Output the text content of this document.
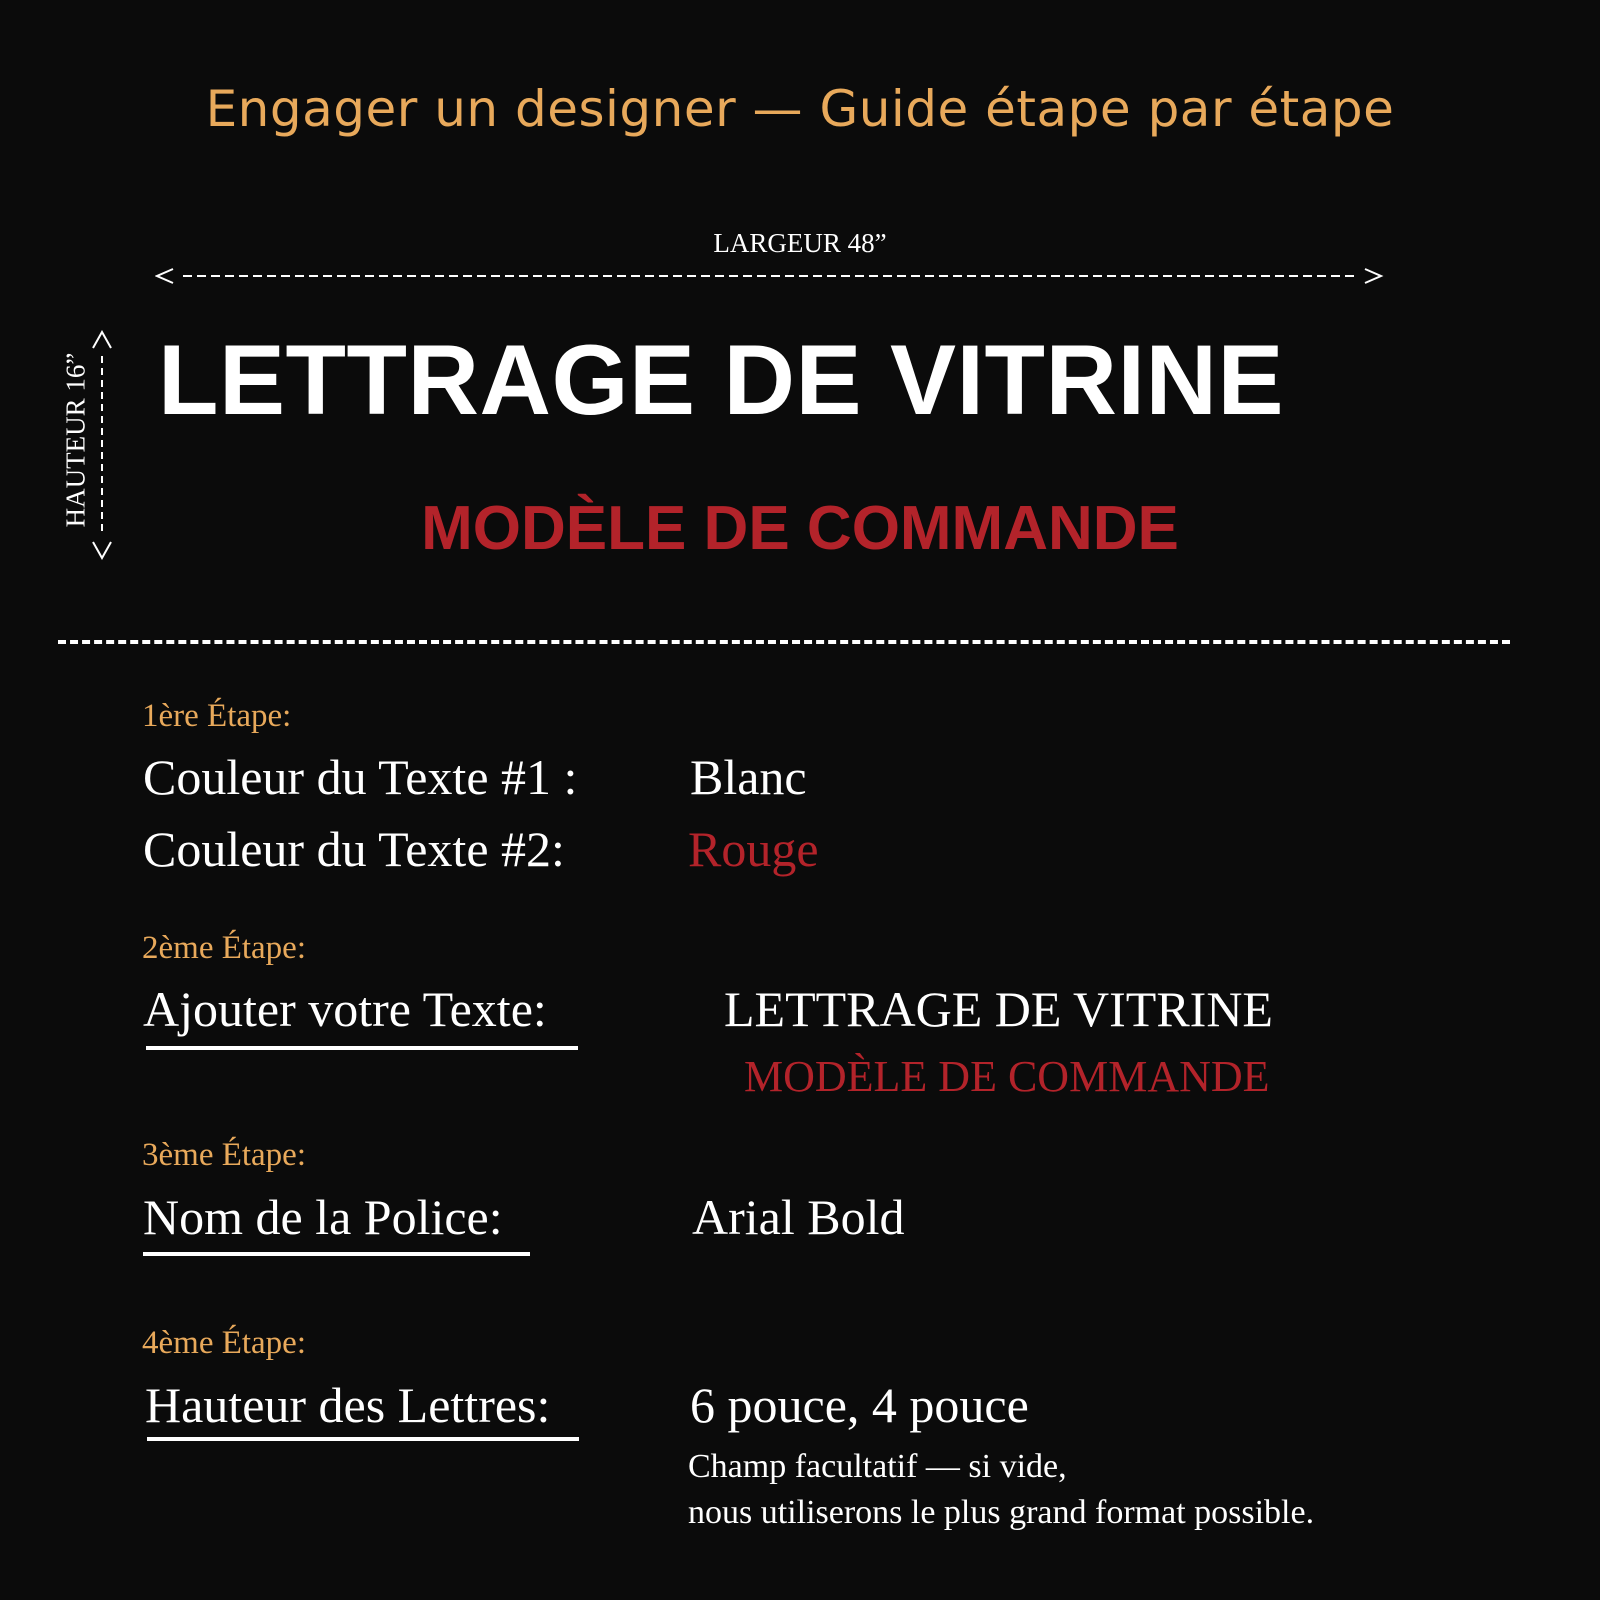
Engager un designer — Guide étape par étape
LARGEUR 48”
HAUTEUR 16” LETTRAGE DE VITRINE
MODÈLE DE COMMANDE
1ère Étape:
Couleur du Texte #1 : Blanc
Couleur du Texte #2: Rouge
2ème Étape:
Ajouter votre Texte:	LETTRAGE DE VITRINE
MODÈLE DE COMMANDE
3ème Étape:
Nom de la Police:	Arial Bold
4ème Étape:
Hauteur des Lettres:	6 pouce, 4 pouce
Champ facultatif — si vide,
nous utiliserons le plus grand format possible.
